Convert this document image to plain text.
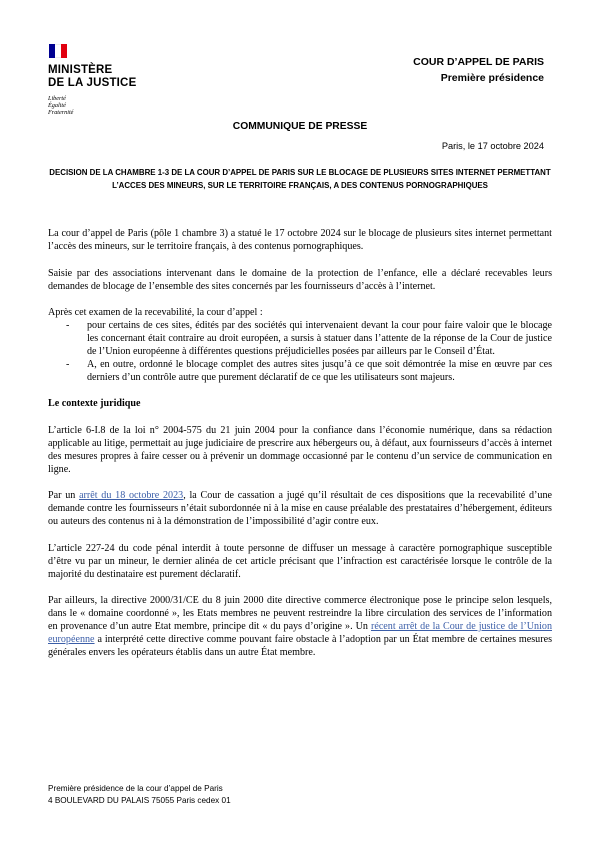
MINISTÈRE
DE LA JUSTICE
Liberté
Égalité
Fraternité
COUR D’APPEL DE PARIS
Première présidence
COMMUNIQUE DE PRESSE
Paris, le 17 octobre 2024
DECISION DE LA CHAMBRE 1-3 DE LA COUR D’APPEL DE PARIS SUR LE BLOCAGE DE PLUSIEURS SITES INTERNET PERMETTANT L’ACCES DES MINEURS, SUR LE TERRITOIRE FRANÇAIS, A DES CONTENUS PORNOGRAPHIQUES

La cour d’appel de Paris (pôle 1 chambre 3) a statué le 17 octobre 2024 sur le blocage de plusieurs sites internet permettant l’accès des mineurs, sur le territoire français, à des contenus pornographiques.

Saisie par des associations intervenant dans le domaine de la protection de l’enfance, elle a déclaré recevables leurs demandes de blocage de l’ensemble des sites concernés par les fournisseurs d’accès à l’internet.

Après cet examen de la recevabilité, la cour d’appel :

- pour certains de ces sites, édités par des sociétés qui intervenaient devant la cour pour faire valoir que le blocage les concernant était contraire au droit européen, a sursis à statuer dans l’attente de la réponse de la Cour de justice de l’Union européenne à différentes questions préjudicielles posées par ailleurs par le Conseil d’État.
- A, en outre, ordonné le blocage complet des autres sites jusqu’à ce que soit démontrée la mise en œuvre par ces derniers d’un contrôle autre que purement déclaratif de ce que les utilisateurs sont majeurs.
Le contexte juridique

L’article 6-I.8 de la loi n° 2004-575 du 21 juin 2004 pour la confiance dans l’économie numérique, dans sa rédaction applicable au litige, permettait au juge judiciaire de prescrire aux hébergeurs ou, à défaut, aux fournisseurs d’accès à internet des mesures propres à faire cesser ou à prévenir un dommage occasionné par le contenu d’un service de communication en ligne.

Par un arrêt du 18 octobre 2023, la Cour de cassation a jugé qu’il résultait de ces dispositions que la recevabilité d’une demande contre les fournisseurs n’était subordonnée ni à la mise en cause préalable des prestataires d’hébergement, éditeurs ou auteurs des contenus ni à la démonstration de l’impossibilité d’agir contre eux.

L’article 227-24 du code pénal interdit à toute personne de diffuser un message à caractère pornographique susceptible d’être vu par un mineur, le dernier alinéa de cet article précisant que l’infraction est caractérisée lorsque le contrôle de la majorité du destinataire est purement déclaratif.

Par ailleurs, la directive 2000/31/CE du 8 juin 2000 dite directive commerce électronique pose le principe selon lesquels, dans le « domaine coordonné », les Etats membres ne peuvent restreindre la libre circulation des services de l’information en provenance d’un autre Etat membre, principe dit « du pays d’origine ». Un récent arrêt de la Cour de justice de l’Union européenne a interprété cette directive comme pouvant faire obstacle à l’adoption par un État membre de certaines mesures générales envers les opérateurs établis dans un autre État membre.

Première présidence de la cour d’appel de Paris
4 BOULEVARD DU PALAIS 75055 Paris cedex 01
